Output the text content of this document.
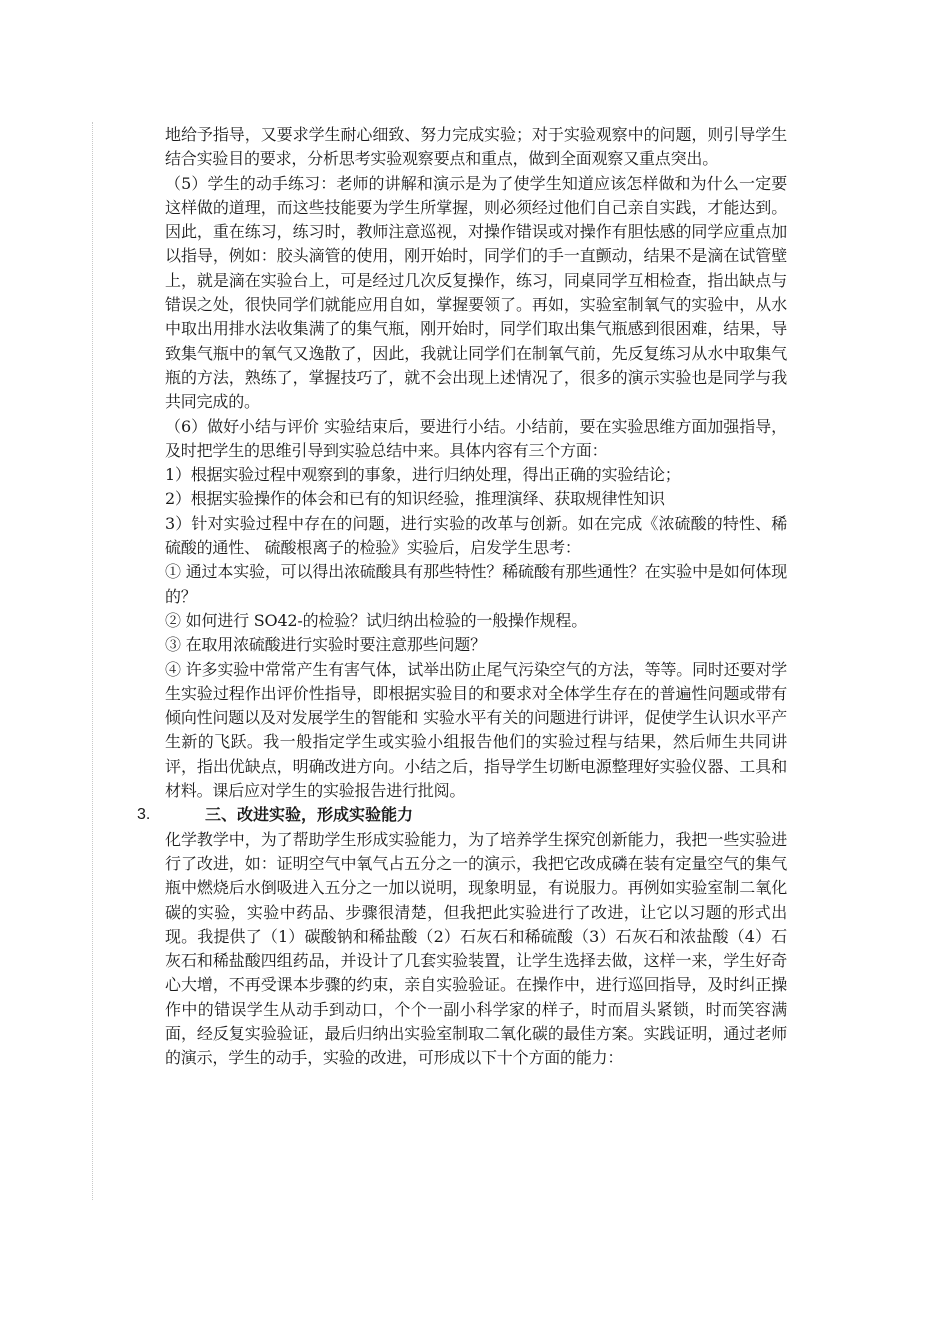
地给予指导，又要求学生耐心细致、努力完成实验；对于实验观察中的问题，则引导学生结合实验目的要求，分析思考实验观察要点和重点，做到全面观察又重点突出。

（5）学生的动手练习：老师的讲解和演示是为了使学生知道应该怎样做和为什么一定要这样做的道理，而这些技能要为学生所掌握，则必须经过他们自己亲自实践，才能达到。因此，重在练习，练习时，教师注意巡视，对操作错误或对操作有胆怯感的同学应重点加以指导，例如：胶头滴管的使用，刚开始时，同学们的手一直颤动，结果不是滴在试管壁上，就是滴在实验台上，可是经过几次反复操作，练习，同桌同学互相检查，指出缺点与错误之处，很快同学们就能应用自如，掌握要领了。再如，实验室制氧气的实验中，从水中取出用排水法收集满了的集气瓶，刚开始时，同学们取出集气瓶感到很困难，结果，导致集气瓶中的氧气又逸散了，因此，我就让同学们在制氧气前，先反复练习从水中取集气瓶的方法，熟练了，掌握技巧了，就不会出现上述情况了，很多的演示实验也是同学与我共同完成的。

（6）做好小结与评价 实验结束后，要进行小结。小结前，要在实验思维方面加强指导，及时把学生的思维引导到实验总结中来。具体内容有三个方面：

1）根据实验过程中观察到的事象，进行归纳处理，得出正确的实验结论；

2）根据实验操作的体会和已有的知识经验，推理演绎、获取规律性知识

3）针对实验过程中存在的问题，进行实验的改革与创新。如在完成《浓硫酸的特性、稀硫酸的通性、 硫酸根离子的检验》实验后，启发学生思考：

① 通过本实验，可以得出浓硫酸具有那些特性？稀硫酸有那些通性？在实验中是如何体现的？

② 如何进行 SO42-的检验？试归纳出检验的一般操作规程。

③ 在取用浓硫酸进行实验时要注意那些问题？

④ 许多实验中常常产生有害气体，试举出防止尾气污染空气的方法，等等。同时还要对学生实验过程作出评价性指导，即根据实验目的和要求对全体学生存在的普遍性问题或带有倾向性问题以及对发展学生的智能和 实验水平有关的问题进行讲评，促使学生认识水平产生新的飞跃。我一般指定学生或实验小组报告他们的实验过程与结果，然后师生共同讲评，指出优缺点，明确改进方向。小结之后，指导学生切断电源整理好实验仪器、工具和材料。课后应对学生的实验报告进行批阅。

3.	三、改进实验，形成实验能力

化学教学中，为了帮助学生形成实验能力，为了培养学生探究创新能力，我把一些实验进行了改进，如：证明空气中氧气占五分之一的演示，我把它改成磷在装有定量空气的集气瓶中燃烧后水倒吸进入五分之一加以说明，现象明显，有说服力。再例如实验室制二氧化碳的实验，实验中药品、步骤很清楚，但我把此实验进行了改进，让它以习题的形式出现。我提供了（1）碳酸钠和稀盐酸（2）石灰石和稀硫酸（3）石灰石和浓盐酸（4）石灰石和稀盐酸四组药品，并设计了几套实验装置，让学生选择去做，这样一来，学生好奇心大增，不再受课本步骤的约束，亲自实验验证。在操作中，进行巡回指导，及时纠正操作中的错误学生从动手到动口，个个一副小科学家的样子，时而眉头紧锁，时而笑容满面，经反复实验验证，最后归纳出实验室制取二氧化碳的最佳方案。实践证明，通过老师的演示，学生的动手，实验的改进，可形成以下十个方面的能力：
